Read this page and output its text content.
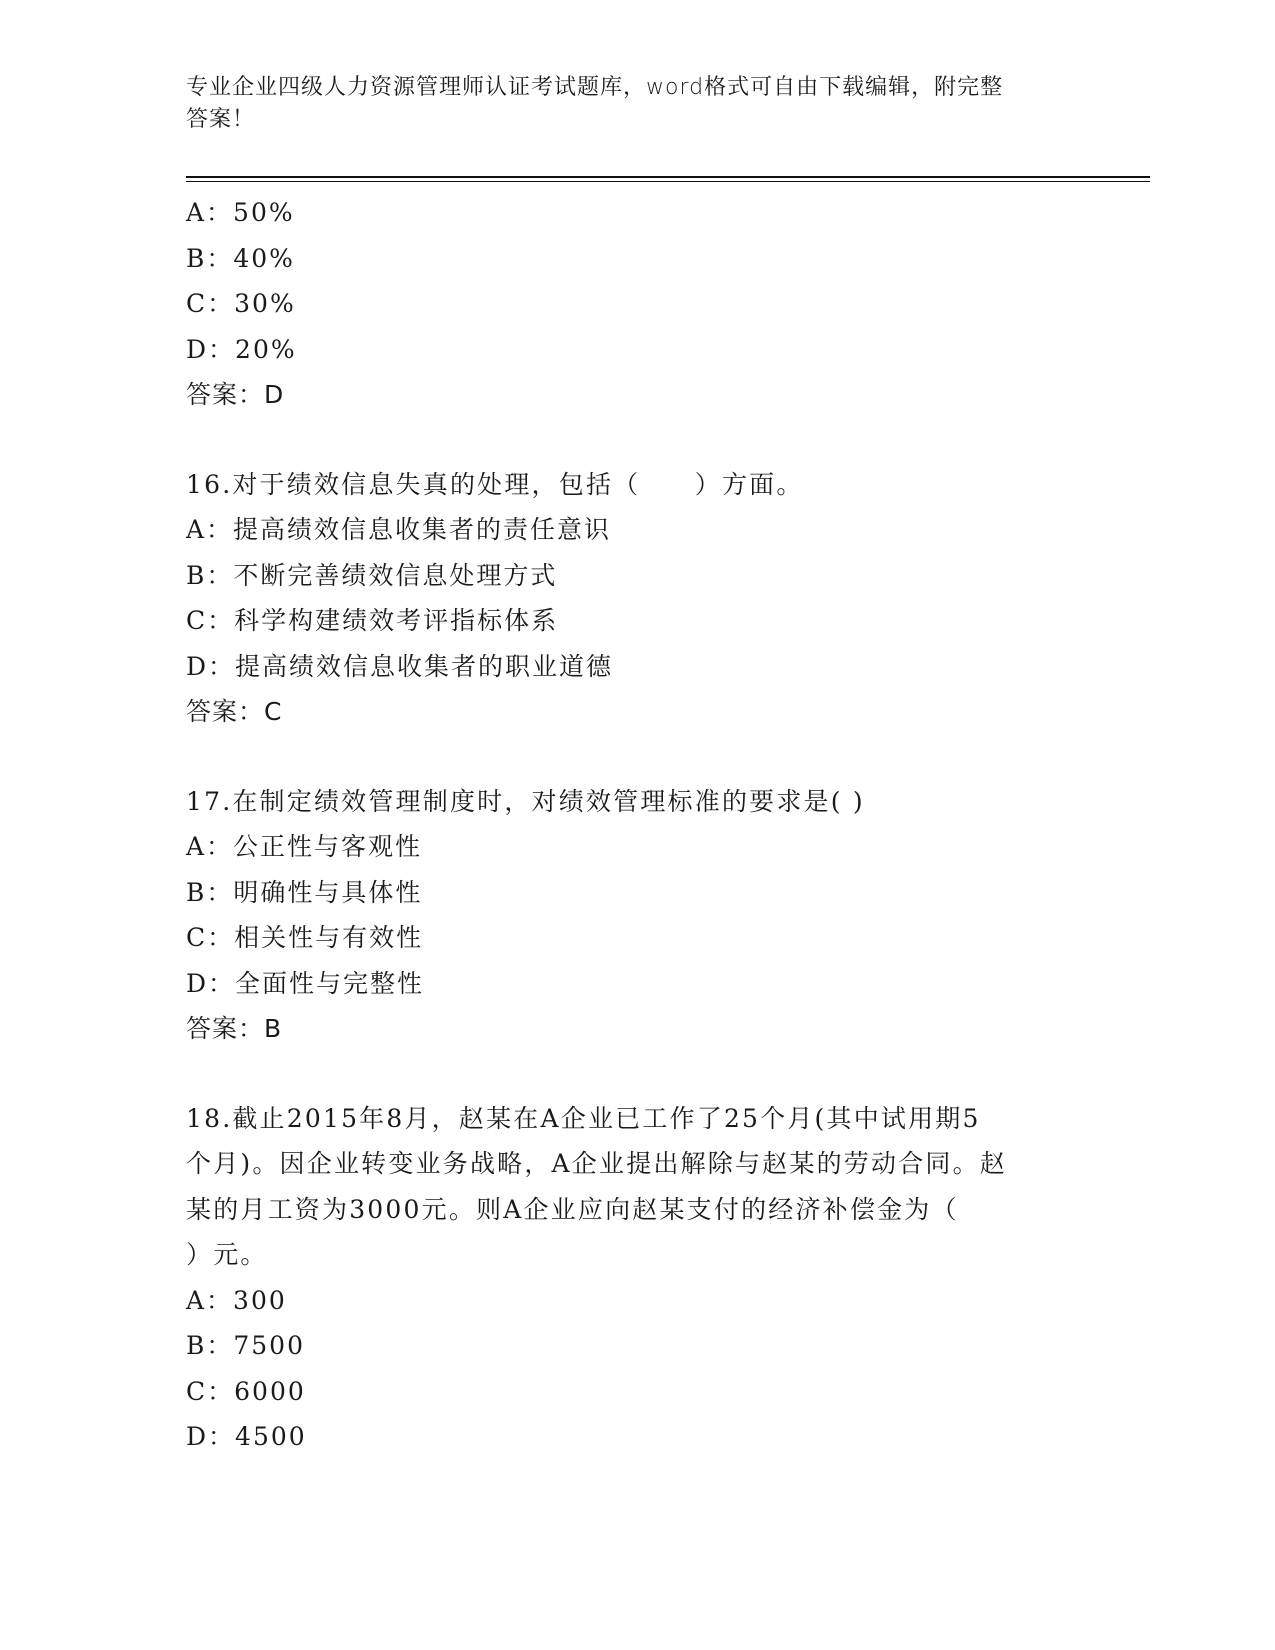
专业企业四级人力资源管理师认证考试题库，word格式可自由下载编辑，附完整
答案！
A：50%
B：40%
C：30%
D：20%
答案：D
16.对于绩效信息失真的处理，包括（　　）方面。
A：提高绩效信息收集者的责任意识
B：不断完善绩效信息处理方式
C：科学构建绩效考评指标体系
D：提高绩效信息收集者的职业道德
答案：C
17.在制定绩效管理制度时，对绩效管理标准的要求是( )
A：公正性与客观性
B：明确性与具体性
C：相关性与有效性
D：全面性与完整性
答案：B
18.截止2015年8月，赵某在A企业已工作了25个月(其中试用期5
个月)。因企业转变业务战略，A企业提出解除与赵某的劳动合同。赵
某的月工资为3000元。则A企业应向赵某支付的经济补偿金为（
）元。
A：300
B：7500
C：6000
D：4500
